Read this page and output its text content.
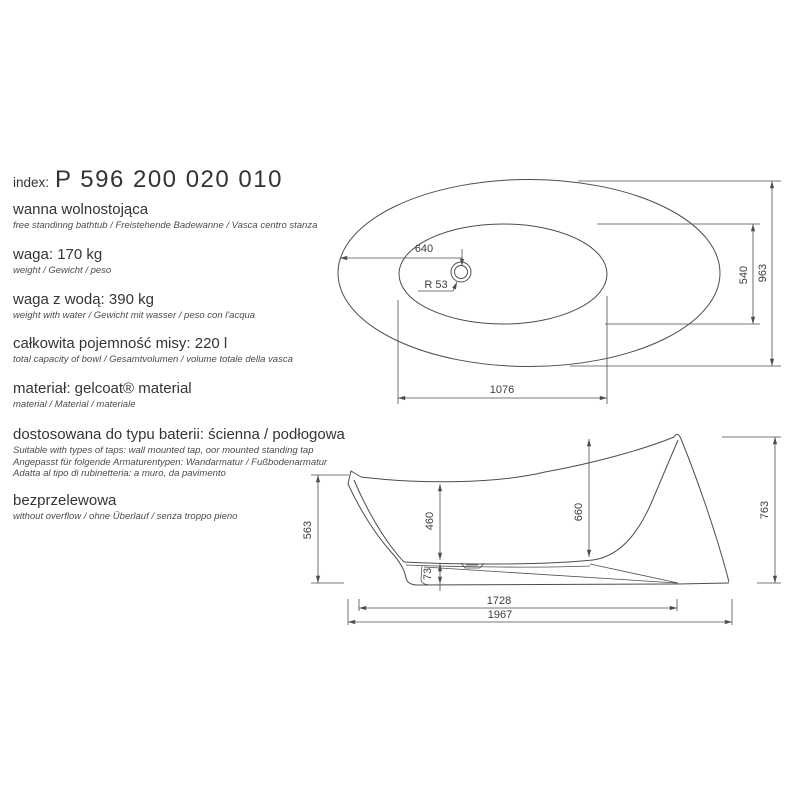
index: P 596 200 020 010
wanna wolnostojąca
free standinng bathtub / Freistehende Badewanne / Vasca centro stanza
waga: 170 kg
weight / Gewicht / peso
waga z wodą: 390 kg
weight with water / Gewicht mit wasser / peso con l'acqua
całkowita pojemność misy: 220 l
total capacity of bowl / Gesamtvolumen / volume totale della vasca
materiał: gelcoat® material
material / Material / materiale
dostosowana do typu baterii: ścienna / podłogowa
Suitable with types of taps: wall mounted tap, oor mounted standing tap
Angepasst für folgende Armaturentypen: Wandarmatur / Fußbodenarmatur
Adatta al tipo di rubinetteria: a muro, da pavimento
bezprzelewowa
without overflow / ohne Überlauf / senza troppo pieno
640
R 53
963
540
1076
563	460
73
660	763
1728
1967
